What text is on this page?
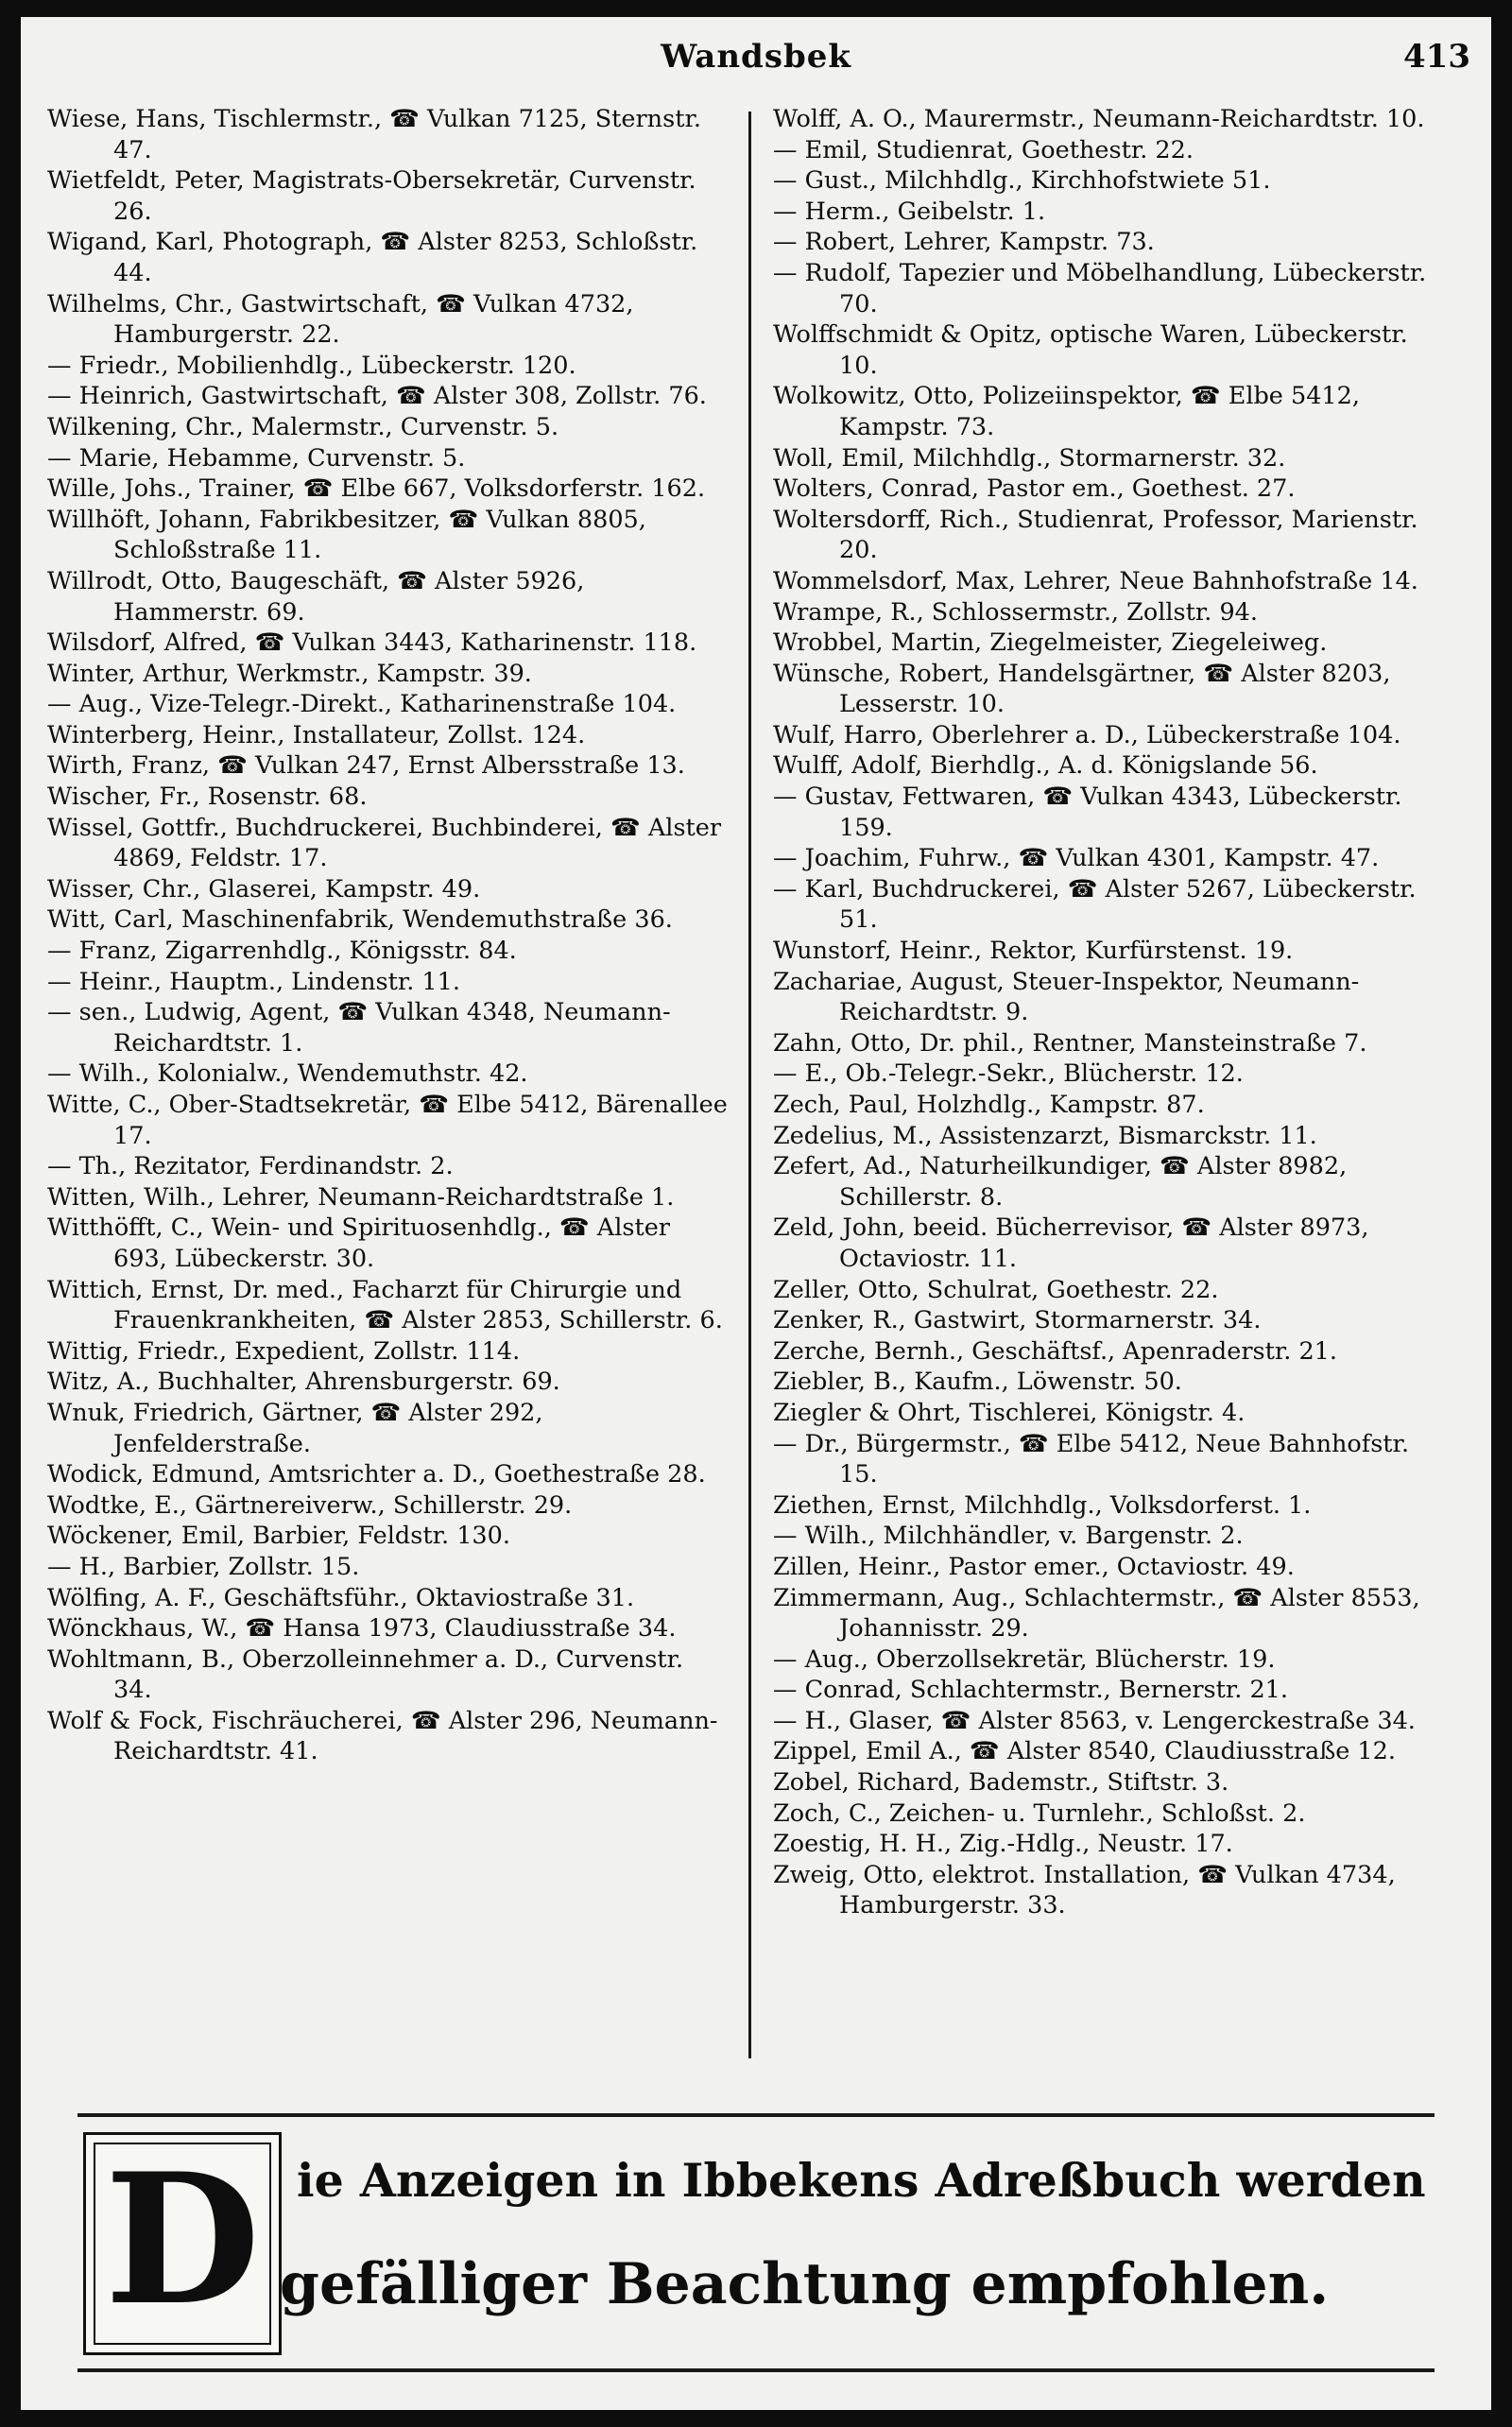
Wandsbek	413

Wiese, Hans, Tischlermstr., ☎ Vulkan 7125, Sternstr. 47.

Wietfeldt, Peter, Magistrats-Obersekretär, Curvenstr. 26.

Wigand, Karl, Photograph, ☎ Alster 8253, Schloßstr. 44.

Wilhelms, Chr., Gastwirtschaft, ☎ Vulkan 4732, Hamburgerstr. 22.

— Friedr., Mobilienhdlg., Lübeckerstr. 120.

— Heinrich, Gastwirtschaft, ☎ Alster 308, Zollstr. 76.

Wilkening, Chr., Malermstr., Curvenstr. 5.

— Marie, Hebamme, Curvenstr. 5.

Wille, Johs., Trainer, ☎ Elbe 667, Volksdorferstr. 162.

Willhöft, Johann, Fabrikbesitzer, ☎ Vulkan 8805, Schloßstraße 11.

Willrodt, Otto, Baugeschäft, ☎ Alster 5926, Hammerstr. 69.

Wilsdorf, Alfred, ☎ Vulkan 3443, Katharinenstr. 118.

Winter, Arthur, Werkmstr., Kampstr. 39.

— Aug., Vize-Telegr.-Direkt., Katharinenstraße 104.

Winterberg, Heinr., Installateur, Zollst. 124.

Wirth, Franz, ☎ Vulkan 247, Ernst Albersstraße 13.

Wischer, Fr., Rosenstr. 68.

Wissel, Gottfr., Buchdruckerei, Buchbinderei, ☎ Alster 4869, Feldstr. 17.

Wisser, Chr., Glaserei, Kampstr. 49.

Witt, Carl, Maschinenfabrik, Wendemuthstraße 36.

— Franz, Zigarrenhdlg., Königsstr. 84.

— Heinr., Hauptm., Lindenstr. 11.

— sen., Ludwig, Agent, ☎ Vulkan 4348, Neumann-Reichardtstr. 1.

— Wilh., Kolonialw., Wendemuthstr. 42.

Witte, C., Ober-Stadtsekretär, ☎ Elbe 5412, Bärenallee 17.

— Th., Rezitator, Ferdinandstr. 2.

Witten, Wilh., Lehrer, Neumann-Reichardtstraße 1.

Witthöfft, C., Wein- und Spirituosenhdlg., ☎ Alster 693, Lübeckerstr. 30.

Wittich, Ernst, Dr. med., Facharzt für Chirurgie und Frauenkrankheiten, ☎ Alster 2853, Schillerstr. 6.

Wittig, Friedr., Expedient, Zollstr. 114.

Witz, A., Buchhalter, Ahrensburgerstr. 69.

Wnuk, Friedrich, Gärtner, ☎ Alster 292, Jenfelderstraße.

Wodick, Edmund, Amtsrichter a. D., Goethestraße 28.

Wodtke, E., Gärtnereiverw., Schillerstr. 29.

Wöckener, Emil, Barbier, Feldstr. 130.

— H., Barbier, Zollstr. 15.

Wölfing, A. F., Geschäftsführ., Oktaviostraße 31.

Wönckhaus, W., ☎ Hansa 1973, Claudiusstraße 34.

Wohltmann, B., Oberzolleinnehmer a. D., Curvenstr. 34.

Wolf & Fock, Fischräucherei, ☎ Alster 296, Neumann-Reichardtstr. 41.

Wolff, A. O., Maurermstr., Neumann-Reichardtstr. 10.

— Emil, Studienrat, Goethestr. 22.

— Gust., Milchhdlg., Kirchhofstwiete 51.

— Herm., Geibelstr. 1.

— Robert, Lehrer, Kampstr. 73.

— Rudolf, Tapezier und Möbelhandlung, Lübeckerstr. 70.

Wolffschmidt & Opitz, optische Waren, Lübeckerstr. 10.

Wolkowitz, Otto, Polizeiinspektor, ☎ Elbe 5412, Kampstr. 73.

Woll, Emil, Milchhdlg., Stormarnerstr. 32.

Wolters, Conrad, Pastor em., Goethest. 27.

Woltersdorff, Rich., Studienrat, Professor, Marienstr. 20.

Wommelsdorf, Max, Lehrer, Neue Bahnhofstraße 14.

Wrampe, R., Schlossermstr., Zollstr. 94.

Wrobbel, Martin, Ziegelmeister, Ziegeleiweg.

Wünsche, Robert, Handelsgärtner, ☎ Alster 8203, Lesserstr. 10.

Wulf, Harro, Oberlehrer a. D., Lübeckerstraße 104.

Wulff, Adolf, Bierhdlg., A. d. Königslande 56.

— Gustav, Fettwaren, ☎ Vulkan 4343, Lübeckerstr. 159.

— Joachim, Fuhrw., ☎ Vulkan 4301, Kampstr. 47.

— Karl, Buchdruckerei, ☎ Alster 5267, Lübeckerstr. 51.

Wunstorf, Heinr., Rektor, Kurfürstenst. 19.

Zachariae, August, Steuer-Inspektor, Neumann-Reichardtstr. 9.

Zahn, Otto, Dr. phil., Rentner, Mansteinstraße 7.

— E., Ob.-Telegr.-Sekr., Blücherstr. 12.

Zech, Paul, Holzhdlg., Kampstr. 87.

Zedelius, M., Assistenzarzt, Bismarckstr. 11.

Zefert, Ad., Naturheilkundiger, ☎ Alster 8982, Schillerstr. 8.

Zeld, John, beeid. Bücherrevisor, ☎ Alster 8973, Octaviostr. 11.

Zeller, Otto, Schulrat, Goethestr. 22.

Zenker, R., Gastwirt, Stormarnerstr. 34.

Zerche, Bernh., Geschäftsf., Apenraderstr. 21.

Ziebler, B., Kaufm., Löwenstr. 50.

Ziegler & Ohrt, Tischlerei, Königstr. 4.

— Dr., Bürgermstr., ☎ Elbe 5412, Neue Bahnhofstr. 15.

Ziethen, Ernst, Milchhdlg., Volksdorferst. 1.

— Wilh., Milchhändler, v. Bargenstr. 2.

Zillen, Heinr., Pastor emer., Octaviostr. 49.

Zimmermann, Aug., Schlachtermstr., ☎ Alster 8553, Johannisstr. 29.

— Aug., Oberzollsekretär, Blücherstr. 19.

— Conrad, Schlachtermstr., Bernerstr. 21.

— H., Glaser, ☎ Alster 8563, v. Lengerckestraße 34.

Zippel, Emil A., ☎ Alster 8540, Claudiusstraße 12.

Zobel, Richard, Bademstr., Stiftstr. 3.

Zoch, C., Zeichen- u. Turnlehr., Schloßst. 2.

Zoestig, H. H., Zig.-Hdlg., Neustr. 17.

Zweig, Otto, elektrot. Installation, ☎ Vulkan 4734, Hamburgerstr. 33.

D ie Anzeigen in Ibbekens Adreßbuch werden
gefälliger Beachtung empfohlen.
